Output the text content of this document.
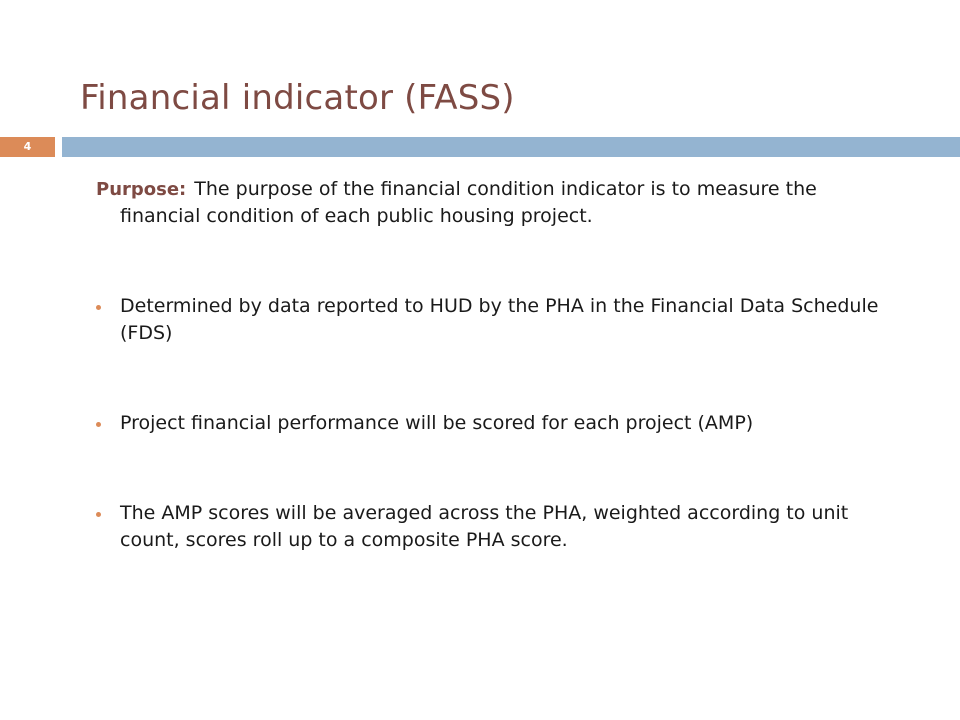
Financial indicator (FASS)
4

Purpose: The purpose of the financial condition indicator is to measure the financial condition of each public housing project.

Determined by data reported to HUD by the PHA in the Financial Data Schedule (FDS)

Project financial performance will be scored for each project (AMP)

The AMP scores will be averaged across the PHA, weighted according to unit count, scores roll up to a composite PHA score.
